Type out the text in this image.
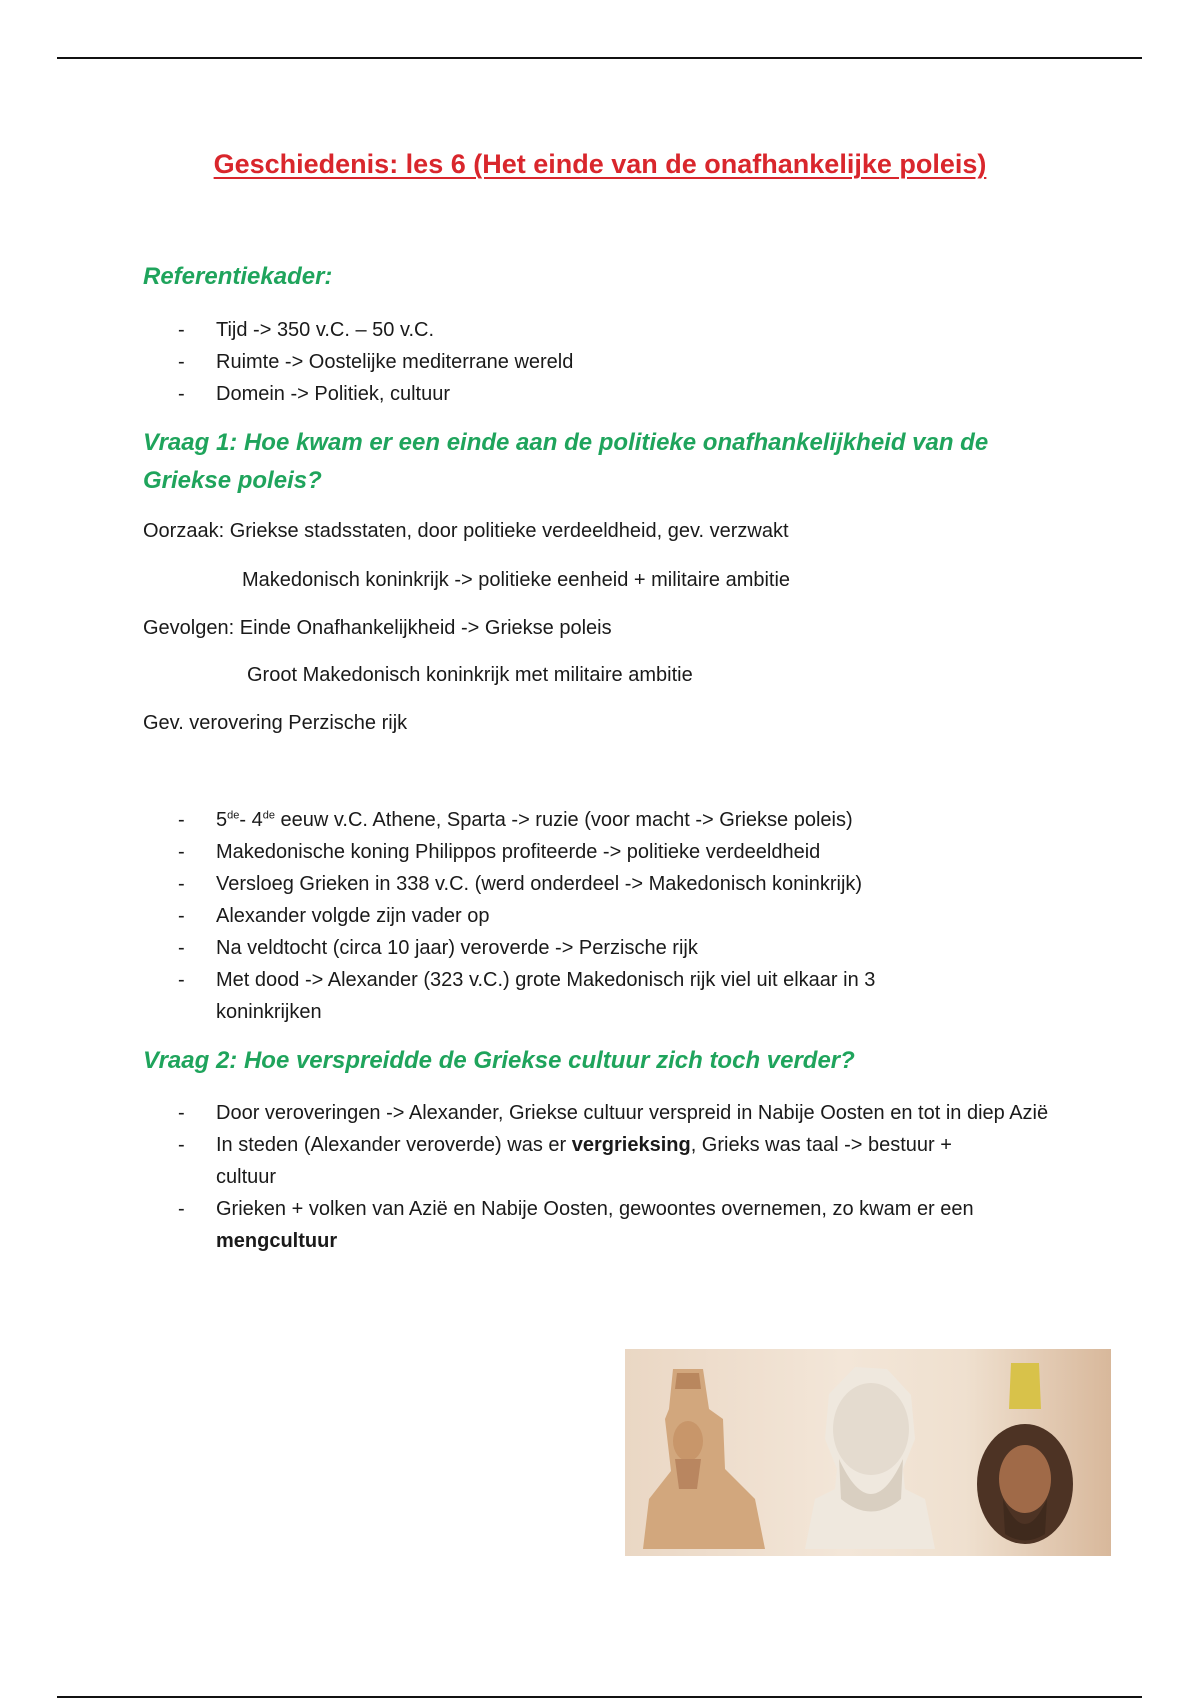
Geschiedenis: les 6 (Het einde van de onafhankelijke poleis)
Referentiekader:
- Tijd -> 350 v.C. – 50 v.C.
- Ruimte -> Oostelijke mediterrane wereld
- Domein -> Politiek, cultuur
Vraag 1: Hoe kwam er een einde aan de politieke onafhankelijkheid van de Griekse poleis?

Oorzaak: Griekse stadsstaten, door politieke verdeeldheid, gev. verzwakt

Makedonisch koninkrijk -> politieke eenheid + militaire ambitie

Gevolgen: Einde Onafhankelijkheid -> Griekse poleis

Groot Makedonisch koninkrijk met militaire ambitie

Gev. verovering Perzische rijk

- 5de- 4de eeuw v.C. Athene, Sparta -> ruzie (voor macht -> Griekse poleis)
- Makedonische koning Philippos profiteerde -> politieke verdeeldheid
- Versloeg Grieken in 338 v.C. (werd onderdeel -> Makedonisch koninkrijk)
- Alexander volgde zijn vader op
- Na veldtocht (circa 10 jaar) veroverde -> Perzische rijk
- Met dood -> Alexander (323 v.C.) grote Makedonisch rijk viel uit elkaar in 3 koninkrijken
Vraag 2: Hoe verspreidde de Griekse cultuur zich toch verder?
- Door veroveringen -> Alexander, Griekse cultuur verspreid in Nabije Oosten en tot in diep Azië
- In steden (Alexander veroverde) was er vergrieksing, Grieks was taal -> bestuur + cultuur
- Grieken + volken van Azië en Nabije Oosten, gewoontes overnemen, zo kwam er een mengcultuur
